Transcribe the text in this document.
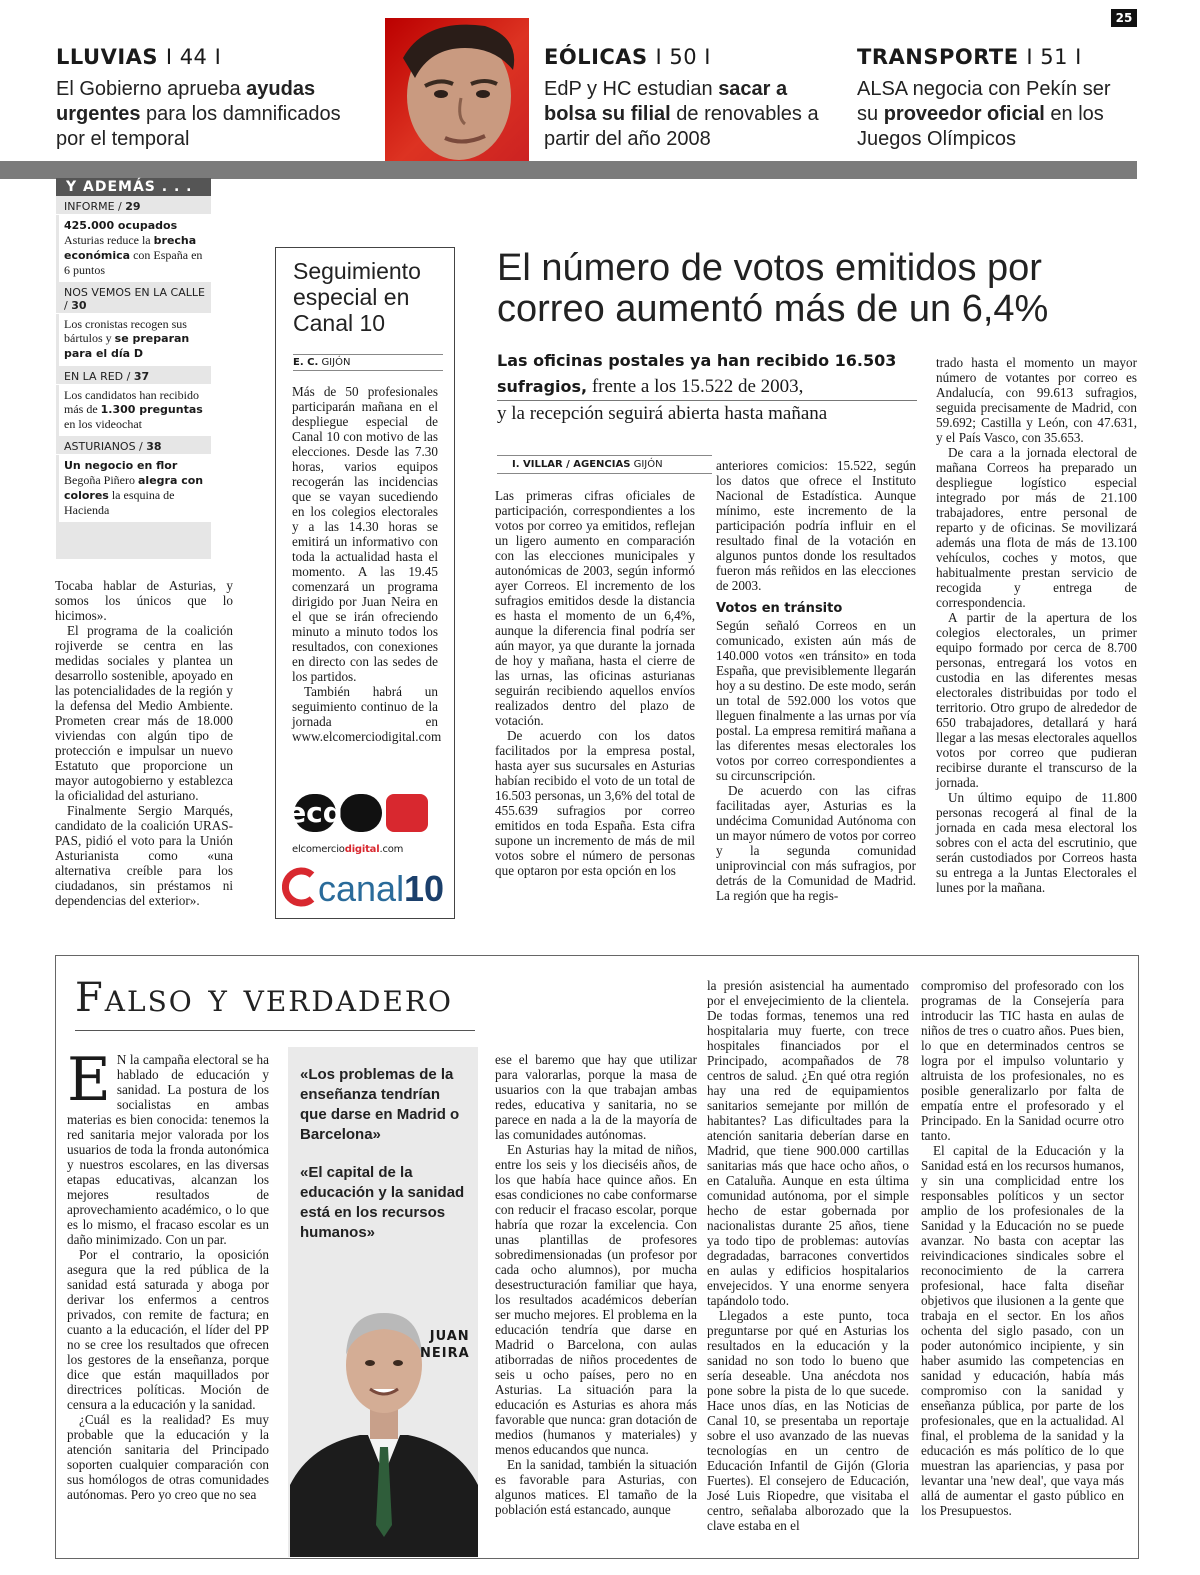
25
LLUVIAS I 44 I
El Gobierno aprueba ayudas urgentes para los damnificados por el temporal
EÓLICAS I 50 I
EdP y HC estudian sacar a bolsa su filial de renovables a partir del año 2008
TRANSPORTE I 51 I
ALSA negocia con Pekín ser su proveedor oficial en los Juegos Olímpicos
Y ADEMÁS . . .
INFORME / 29
425.000 ocupados
Asturias reduce la brecha económica con España en 6 puntos
NOS VEMOS EN LA CALLE / 30
Los cronistas recogen sus bártulos y se preparan para el día D
EN LA RED / 37
Los candidatos han recibido más de 1.300 preguntas en los videochat
ASTURIANOS / 38
Un negocio en flor
Begoña Piñero alegra con colores la esquina de Hacienda

Tocaba hablar de Asturias, y somos los únicos que lo hicimos».

El programa de la coalición rojiverde se centra en las medidas sociales y plantea un desarrollo sostenible, apoyado en las potencialidades de la región y la defensa del Medio Ambiente. Prometen crear más de 18.000 viviendas con algún tipo de protección e impulsar un nuevo Estatuto que proporcione un mayor autogobierno y establezca la oficialidad del asturiano.

Finalmente Sergio Marqués, candidato de la coalición URAS-PAS, pidió el voto para la Unión Asturianista como «una alternativa creíble para los ciudadanos, sin préstamos ni dependencias del exterior».

Seguimiento especial en Canal 10
E. C. GIJÓN

Más de 50 profesionales participarán mañana en el despliegue especial de Canal 10 con motivo de las elecciones. Desde las 7.30 horas, varios equipos recogerán las incidencias que se vayan sucediendo en los colegios electorales y a las 14.30 horas se emitirá un informativo con toda la actualidad hasta el momento. A las 19.45 comenzará un programa dirigido por Juan Neira en el que se irán ofreciendo minuto a minuto todos los resultados, con conexiones en directo con las sedes de los partidos.

También habrá un seguimiento continuo de la jornada en www.elcomerciodigital.com

ecd
elcomerciodigital.com
canal 10
El número de votos emitidos por correo aumentó más de un 6,4%
Las oficinas postales ya han recibido 16.503 sufragios, frente a los 15.522 de 2003,
y la recepción seguirá abierta hasta mañana
I. VILLAR / AGENCIAS GIJÓN

Las primeras cifras oficiales de participación, correspondientes a los votos por correo ya emitidos, reflejan un ligero aumento en comparación con las elecciones municipales y autonómicas de 2003, según informó ayer Correos. El incremento de los sufragios emitidos desde la distancia es hasta el momento de un 6,4%, aunque la diferencia final podría ser aún mayor, ya que durante la jornada de hoy y mañana, hasta el cierre de las urnas, las oficinas asturianas seguirán recibiendo aquellos envíos realizados dentro del plazo de votación.

De acuerdo con los datos facilitados por la empresa postal, hasta ayer sus sucursales en Asturias habían recibido el voto de un total de 16.503 personas, un 3,6% del total de 455.639 sufragios por correo emitidos en toda España. Esta cifra supone un incremento de más de mil votos sobre el número de personas que optaron por esta opción en los

anteriores comicios: 15.522, según los datos que ofrece el Instituto Nacional de Estadística. Aunque mínimo, este incremento de la participación podría influir en el resultado final de la votación en algunos puntos donde los resultados fueron más reñidos en las elecciones de 2003.

Votos en tránsito

Según señaló Correos en un comunicado, existen aún más de 140.000 votos «en tránsito» en toda España, que previsiblemente llegarán hoy a su destino. De este modo, serán un total de 592.000 los votos que lleguen finalmente a las urnas por vía postal. La empresa remitirá mañana a las diferentes mesas electorales los votos por correo correspondientes a su circunscripción.

De acuerdo con las cifras facilitadas ayer, Asturias es la undécima Comunidad Autónoma con un mayor número de votos por correo y la segunda comunidad uniprovincial con más sufragios, por detrás de la Comunidad de Madrid. La región que ha regis-

trado hasta el momento un mayor número de votantes por correo es Andalucía, con 99.613 sufragios, seguida precisamente de Madrid, con 59.692; Castilla y León, con 47.631, y el País Vasco, con 35.653.

De cara a la jornada electoral de mañana Correos ha preparado un despliegue logístico especial integrado por más de 21.100 trabajadores, entre personal de reparto y de oficinas. Se movilizará además una flota de más de 13.100 vehículos, coches y motos, que habitualmente prestan servicio de recogida y entrega de correspondencia.

A partir de la apertura de los colegios electorales, un primer equipo formado por cerca de 8.700 personas, entregará los votos en custodia en las diferentes mesas electorales distribuidas por todo el territorio. Otro grupo de alrededor de 650 trabajadores, detallará y hará llegar a las mesas electorales aquellos votos por correo que pudieran recibirse durante el transcurso de la jornada.

Un último equipo de 11.800 personas recogerá al final de la jornada en cada mesa electoral los sobres con el acta del escrutinio, que serán custodiados por Correos hasta su entrega a la Juntas Electorales el lunes por la mañana.

Falso y verdadero

E N la campaña electoral se ha hablado de educación y sanidad. La postura de los socialistas en ambas materias es bien conocida: tenemos la red sanitaria mejor valorada por los usuarios de toda la fronda autonómica y nuestros escolares, en las diversas etapas educativas, alcanzan los mejores resultados de aprovechamiento académico, o lo que es lo mismo, el fracaso escolar es un daño minimizado. Con un par.

Por el contrario, la oposición asegura que la red pública de la sanidad está saturada y aboga por derivar los enfermos a centros privados, con remite de factura; en cuanto a la educación, el líder del PP no se cree los resultados que ofrecen los gestores de la enseñanza, porque dice que están maquillados por directrices políticas. Moción de censura a la educación y la sanidad.

¿Cuál es la realidad? Es muy probable que la educación y la atención sanitaria del Principado soporten cualquier comparación con sus homólogos de otras comunidades autónomas. Pero yo creo que no sea

«Los problemas de la enseñanza tendrían que darse en Madrid o Barcelona»
«El capital de la educación y la sanidad está en los recursos humanos»
JUAN
NEIRA

ese el baremo que hay que utilizar para valorarlas, porque la masa de usuarios con la que trabajan ambas redes, educativa y sanitaria, no se parece en nada a la de la mayoría de las comunidades autónomas.

En Asturias hay la mitad de niños, entre los seis y los dieciséis años, de los que había hace quince años. En esas condiciones no cabe conformarse con reducir el fracaso escolar, porque habría que rozar la excelencia. Con unas plantillas de profesores sobredimensionadas (un profesor por cada ocho alumnos), por mucha desestructuración familiar que haya, los resultados académicos deberían ser mucho mejores. El problema en la educación tendría que darse en Madrid o Barcelona, con aulas atiborradas de niños procedentes de seis u ocho países, pero no en Asturias. La situación para la educación es Asturias es ahora más favorable que nunca: gran dotación de medios (humanos y materiales) y menos educandos que nunca.

En la sanidad, también la situación es favorable para Asturias, con algunos matices. El tamaño de la población está estancado, aunque

la presión asistencial ha aumentado por el envejecimiento de la clientela. De todas formas, tenemos una red hospitalaria muy fuerte, con trece hospitales financiados por el Principado, acompañados de 78 centros de salud. ¿En qué otra región hay una red de equipamientos sanitarios semejante por millón de habitantes? Las dificultades para la atención sanitaria deberían darse en Madrid, que tiene 900.000 cartillas sanitarias más que hace ocho años, o en Cataluña. Aunque en esta última comunidad autónoma, por el simple hecho de estar gobernada por nacionalistas durante 25 años, tiene ya todo tipo de problemas: autovías degradadas, barracones convertidos en aulas y edificios hospitalarios envejecidos. Y una enorme senyera tapándolo todo.

Llegados a este punto, toca preguntarse por qué en Asturias los resultados en la educación y la sanidad no son todo lo bueno que sería deseable. Una anécdota nos pone sobre la pista de lo que sucede. Hace unos días, en las Noticias de Canal 10, se presentaba un reportaje sobre el uso avanzado de las nuevas tecnologías en un centro de Educación Infantil de Gijón (Gloria Fuertes). El consejero de Educación, José Luis Riopedre, que visitaba el centro, señalaba alborozado que la clave estaba en el

compromiso del profesorado con los programas de la Consejería para introducir las TIC hasta en aulas de niños de tres o cuatro años. Pues bien, lo que en determinados centros se logra por el impulso voluntario y altruista de los profesionales, no es posible generalizarlo por falta de empatía entre el profesorado y el Principado. En la Sanidad ocurre otro tanto.

El capital de la Educación y la Sanidad está en los recursos humanos, y sin una complicidad entre los responsables políticos y un sector amplio de los profesionales de la Sanidad y la Educación no se puede avanzar. No basta con aceptar las reivindicaciones sindicales sobre el reconocimiento de la carrera profesional, hace falta diseñar objetivos que ilusionen a la gente que trabaja en el sector. En los años ochenta del siglo pasado, con un poder autonómico incipiente, y sin haber asumido las competencias en sanidad y educación, había más compromiso con la sanidad y enseñanza pública, por parte de los profesionales, que en la actualidad. Al final, el problema de la sanidad y la educación es más político de lo que muestran las apariencias, y pasa por levantar una 'new deal', que vaya más allá de aumentar el gasto público en los Presupuestos.
